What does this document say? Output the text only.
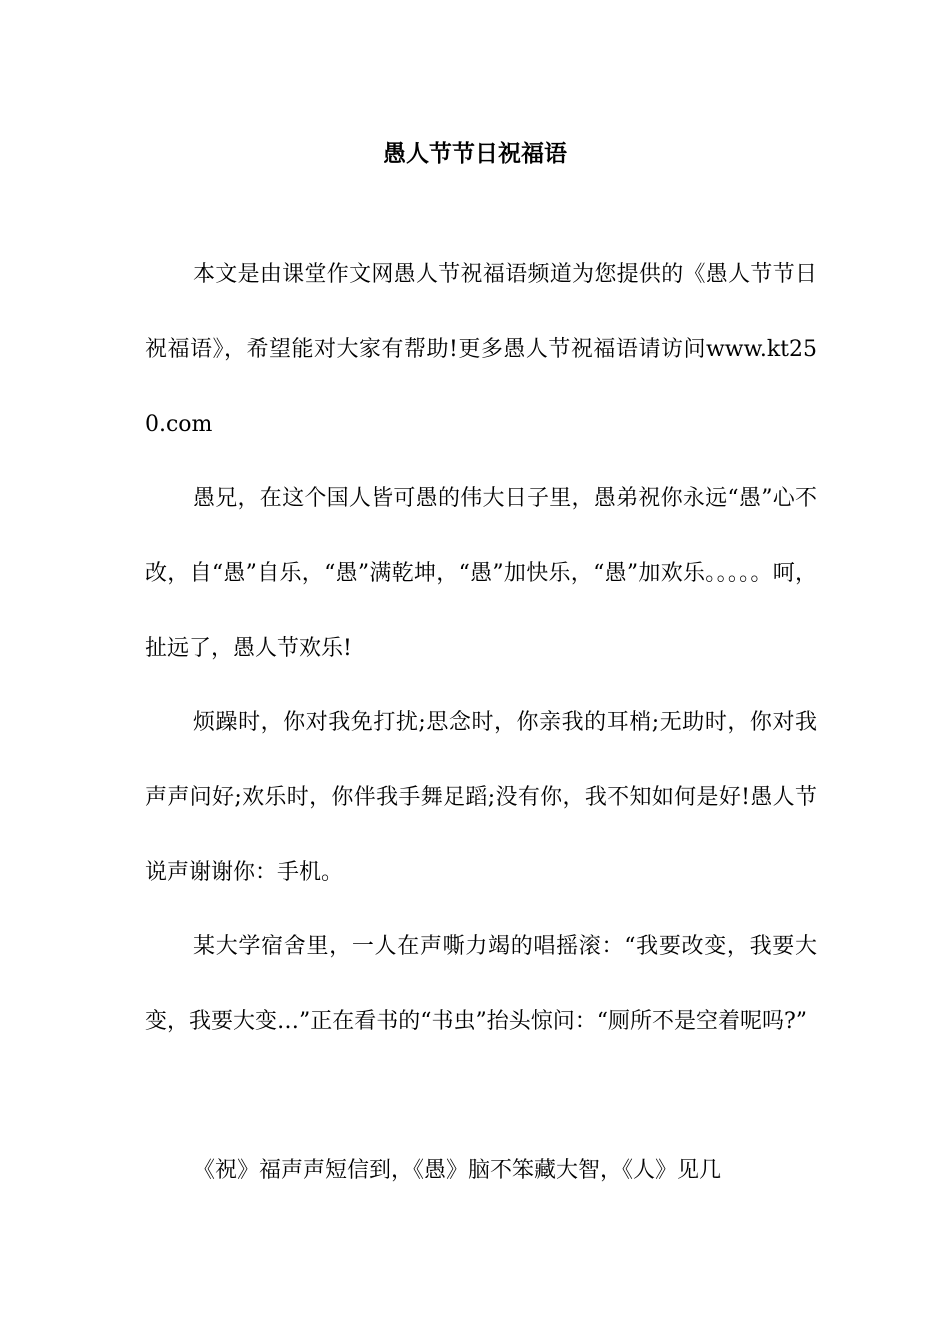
愚人节节日祝福语

本文是由课堂作文网愚人节祝福语频道为您提供的《愚人节节日祝福语》，希望能对大家有帮助!更多愚人节祝福语请访问www.kt250.com

愚兄，在这个国人皆可愚的伟大日子里，愚弟祝你永远“愚”心不改，自“愚”自乐，“愚”满乾坤，“愚”加快乐，“愚”加欢乐。。。。。呵，扯远了，愚人节欢乐!

烦躁时，你对我免打扰;思念时，你亲我的耳梢;无助时，你对我声声问好;欢乐时，你伴我手舞足蹈;没有你，我不知如何是好!愚人节说声谢谢你：手机。

某大学宿舍里，一人在声嘶力竭的唱摇滚：“我要改变，我要大变，我要大变…”正在看书的“书虫”抬头惊问：“厕所不是空着呢吗?”

《祝》福声声短信到，《愚》脑不笨藏大智，《人》见几
